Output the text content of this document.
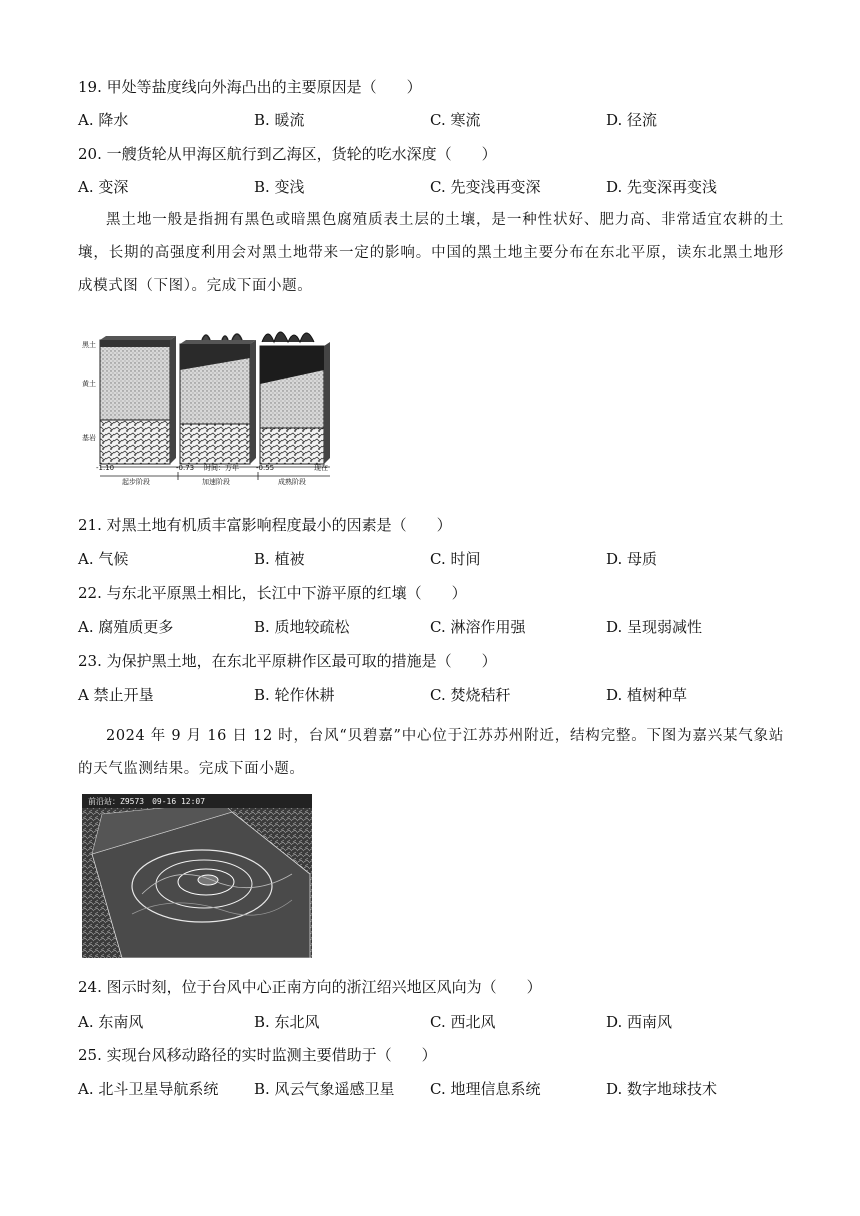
19. 甲处等盐度线向外海凸出的主要原因是（　　）
A. 降水	B. 暖流	C. 寒流	D. 径流
20. 一艘货轮从甲海区航行到乙海区，货轮的吃水深度（　　）
A. 变深	B. 变浅	C. 先变浅再变深	D. 先变深再变浅
黑土地一般是指拥有黑色或暗黑色腐殖质表土层的土壤，是一种性状好、肥力高、非常适宜农耕的土壤，长期的高强度利用会对黑土地带来一定的影响。中国的黑土地主要分布在东北平原，读东北黑土地形成模式图（下图）。完成下面小题。
黑土
黄土
基岩
-1.10	-0.73 时间：万年 -0.55	现在
起步阶段	加速阶段	成熟阶段
21. 对黑土地有机质丰富影响程度最小的因素是（　　）
A. 气候	B. 植被	C. 时间	D. 母质
22. 与东北平原黑土相比，长江中下游平原的红壤（　　）
A. 腐殖质更多	B. 质地较疏松	C. 淋溶作用强	D. 呈现弱减性
23. 为保护黑土地，在东北平原耕作区最可取的措施是（　　）
A 禁止开垦	B. 轮作休耕	C. 焚烧秸秆	D. 植树种草
2024 年 9 月 16 日 12 时，台风“贝碧嘉”中心位于江苏苏州附近，结构完整。下图为嘉兴某气象站的天气监测结果。完成下面小题。
前沿站：Z9573　09-16 12:07
24. 图示时刻，位于台风中心正南方向的浙江绍兴地区风向为（　　）
A. 东南风	B. 东北风	C. 西北风	D. 西南风
25. 实现台风移动路径的实时监测主要借助于（　　）
A. 北斗卫星导航系统 B. 风云气象遥感卫星 C. 地理信息系统	D. 数字地球技术
